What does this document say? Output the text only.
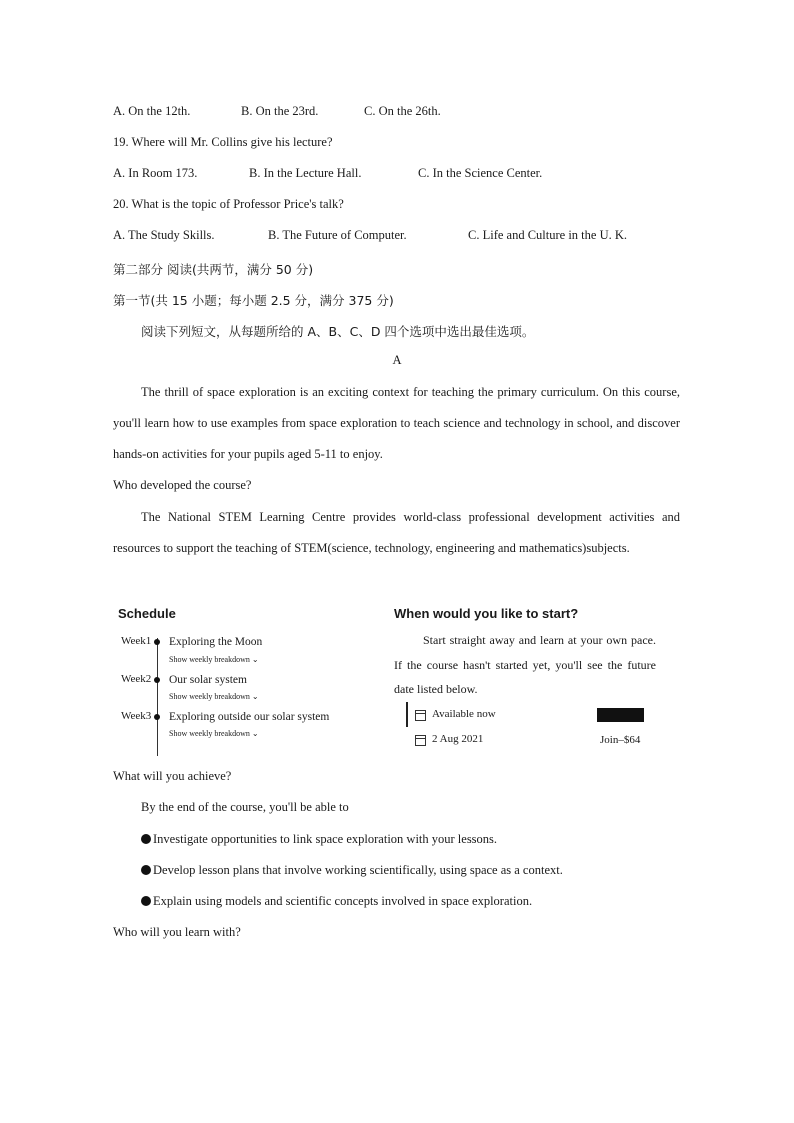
A. On the 12th.	B. On the 23rd.	C. On the 26th.
19. Where will Mr. Collins give his lecture?
A. In Room 173.	B. In the Lecture Hall.	C. In the Science Center.
20. What is the topic of Professor Price's talk?
A. The Study Skills.	B. The Future of Computer.	C. Life and Culture in the U. K.
第二部分 阅读(共两节，满分 50 分)
第一节(共 15 小题；每小题 2.5 分，满分 375 分)
阅读下列短文，从每题所给的 A、B、C、D 四个选项中选出最佳选项。
A
The thrill of space exploration is an exciting context for teaching the primary curriculum. On this course, you'll learn how to use examples from space exploration to teach science and technology in school, and discover hands-on activities for your pupils aged 5-11 to enjoy.
Who developed the course?
The National STEM Learning Centre provides world-class professional development activities and resources to support the teaching of STEM(science, technology, engineering and mathematics)subjects.
Schedule
Week1 Exploring the Moon
Show weekly breakdown ⌄
Week2 Our solar system
Show weekly breakdown ⌄
Week3 Exploring outside our solar system
Show weekly breakdown ⌄
When would you like to start?
Start straight away and learn at your own pace. If the course hasn't started yet, you'll see the future date listed below.
Available now
2 Aug 2021	Join–$64
What will you achieve?
By the end of the course, you'll be able to
Investigate opportunities to link space exploration with your lessons.
Develop lesson plans that involve working scientifically, using space as a context.
Explain using models and scientific concepts involved in space exploration.
Who will you learn with?
